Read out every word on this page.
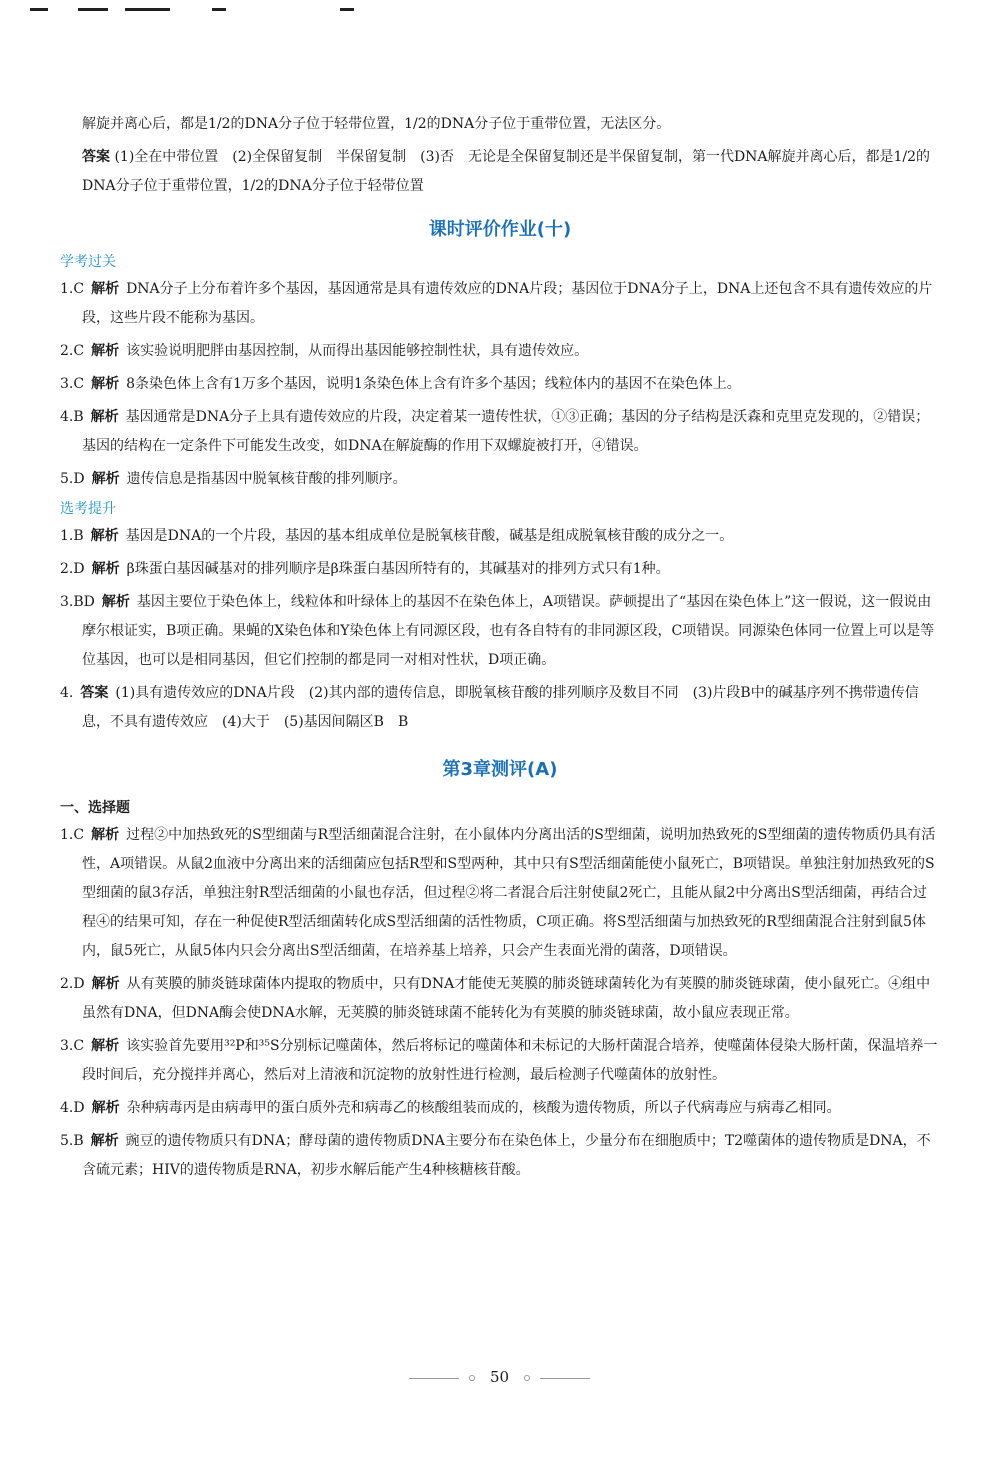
解旋并离心后，都是1/2的DNA分子位于轻带位置，1/2的DNA分子位于重带位置，无法区分。

答案 (1)全在中带位置　(2)全保留复制　半保留复制　(3)否　无论是全保留复制还是半保留复制，第一代DNA解旋并离心后，都是1/2的DNA分子位于重带位置，1/2的DNA分子位于轻带位置

课时评价作业(十)
学考过关

1.C  解析  DNA分子上分布着许多个基因，基因通常是具有遗传效应的DNA片段；基因位于DNA分子上，DNA上还包含不具有遗传效应的片段，这些片段不能称为基因。

2.C  解析  该实验说明肥胖由基因控制，从而得出基因能够控制性状，具有遗传效应。

3.C  解析  8条染色体上含有1万多个基因，说明1条染色体上含有许多个基因；线粒体内的基因不在染色体上。

4.B  解析  基因通常是DNA分子上具有遗传效应的片段，决定着某一遗传性状，①③正确；基因的分子结构是沃森和克里克发现的，②错误；基因的结构在一定条件下可能发生改变，如DNA在解旋酶的作用下双螺旋被打开，④错误。

5.D  解析  遗传信息是指基因中脱氧核苷酸的排列顺序。

选考提升

1.B  解析  基因是DNA的一个片段，基因的基本组成单位是脱氧核苷酸，碱基是组成脱氧核苷酸的成分之一。

2.D  解析  β珠蛋白基因碱基对的排列顺序是β珠蛋白基因所特有的，其碱基对的排列方式只有1种。

3.BD  解析  基因主要位于染色体上，线粒体和叶绿体上的基因不在染色体上，A项错误。萨顿提出了“基因在染色体上”这一假说，这一假说由摩尔根证实，B项正确。果蝇的X染色体和Y染色体上有同源区段，也有各自特有的非同源区段，C项错误。同源染色体同一位置上可以是等位基因，也可以是相同基因，但它们控制的都是同一对相对性状，D项正确。

4.  答案  (1)具有遗传效应的DNA片段　(2)其内部的遗传信息，即脱氧核苷酸的排列顺序及数目不同　(3)片段B中的碱基序列不携带遗传信息，不具有遗传效应　(4)大于　(5)基因间隔区B　B

第3章测评(A)
一、选择题

1.C  解析  过程②中加热致死的S型细菌与R型活细菌混合注射，在小鼠体内分离出活的S型细菌，说明加热致死的S型细菌的遗传物质仍具有活性，A项错误。从鼠2血液中分离出来的活细菌应包括R型和S型两种，其中只有S型活细菌能使小鼠死亡，B项错误。单独注射加热致死的S型细菌的鼠3存活，单独注射R型活细菌的小鼠也存活，但过程②将二者混合后注射使鼠2死亡，且能从鼠2中分离出S型活细菌，再结合过程④的结果可知，存在一种促使R型活细菌转化成S型活细菌的活性物质，C项正确。将S型活细菌与加热致死的R型细菌混合注射到鼠5体内，鼠5死亡，从鼠5体内只会分离出S型活细菌，在培养基上培养，只会产生表面光滑的菌落，D项错误。

2.D  解析  从有荚膜的肺炎链球菌体内提取的物质中，只有DNA才能使无荚膜的肺炎链球菌转化为有荚膜的肺炎链球菌，使小鼠死亡。④组中虽然有DNA，但DNA酶会使DNA水解，无荚膜的肺炎链球菌不能转化为有荚膜的肺炎链球菌，故小鼠应表现正常。

3.C  解析  该实验首先要用³²P和³⁵S分别标记噬菌体，然后将标记的噬菌体和未标记的大肠杆菌混合培养，使噬菌体侵染大肠杆菌，保温培养一段时间后，充分搅拌并离心，然后对上清液和沉淀物的放射性进行检测，最后检测子代噬菌体的放射性。

4.D  解析  杂种病毒丙是由病毒甲的蛋白质外壳和病毒乙的核酸组装而成的，核酸为遗传物质，所以子代病毒应与病毒乙相同。

5.B  解析  豌豆的遗传物质只有DNA；酵母菌的遗传物质DNA主要分布在染色体上，少量分布在细胞质中；T2噬菌体的遗传物质是DNA，不含硫元素；HIV的遗传物质是RNA，初步水解后能产生4种核糖核苷酸。

50
